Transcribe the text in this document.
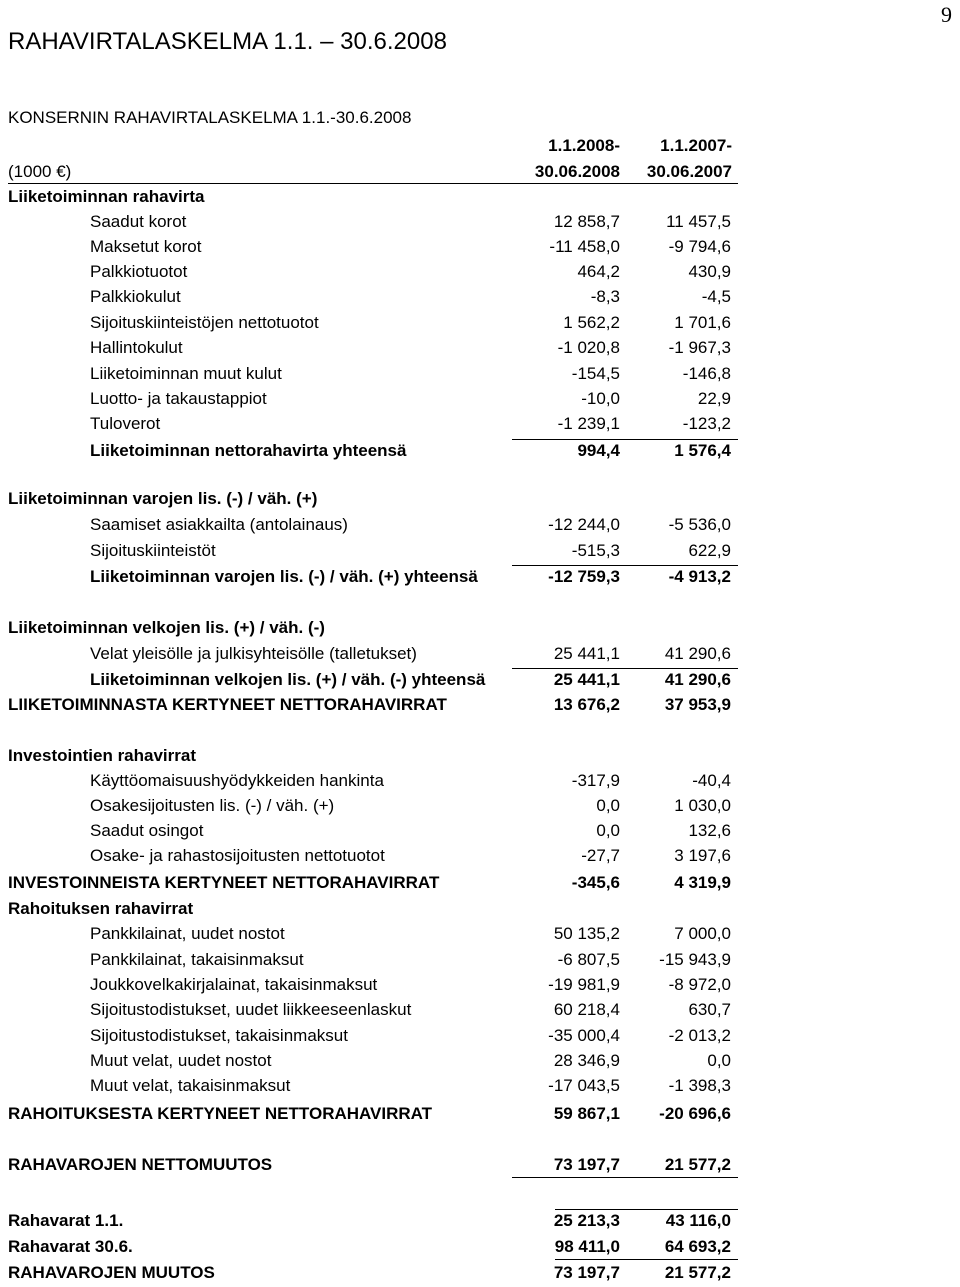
9
RAHAVIRTALASKELMA 1.1. – 30.6.2008
KONSERNIN RAHAVIRTALASKELMA 1.1.-30.6.2008
1.1.2008- 1.1.2007-
(1000 €)	30.06.2008 30.06.2007
Liiketoiminnan rahavirta
Saadut korot	12 858,7	11 457,5
Maksetut korot	-11 458,0	-9 794,6
Palkkiotuotot	464,2	430,9
Palkkiokulut	-8,3	-4,5
Sijoituskiinteistöjen nettotuotot	1 562,2	1 701,6
Hallintokulut	-1 020,8	-1 967,3
Liiketoiminnan muut kulut	-154,5	-146,8
Luotto- ja takaustappiot	-10,0	22,9
Tuloverot	-1 239,1	-123,2
Liiketoiminnan nettorahavirta yhteensä	994,4	1 576,4
Liiketoiminnan varojen lis. (-) / väh. (+)
Saamiset asiakkailta (antolainaus)	-12 244,0	-5 536,0
Sijoituskiinteistöt	-515,3	622,9
Liiketoiminnan varojen lis. (-) / väh. (+) yhteensä	-12 759,3	-4 913,2
Liiketoiminnan velkojen lis. (+) / väh. (-)
Velat yleisölle ja julkisyhteisölle (talletukset)	25 441,1	41 290,6
Liiketoiminnan velkojen lis. (+) / väh. (-) yhteensä	25 441,1	41 290,6
LIIKETOIMINNASTA KERTYNEET NETTORAHAVIRRAT	13 676,2	37 953,9
Investointien rahavirrat
Käyttöomaisuushyödykkeiden hankinta	-317,9	-40,4
Osakesijoitusten lis. (-) / väh. (+)	0,0	1 030,0
Saadut osingot	0,0	132,6
Osake- ja rahastosijoitusten nettotuotot	-27,7	3 197,6
INVESTOINNEISTA KERTYNEET NETTORAHAVIRRAT	-345,6	4 319,9
Rahoituksen rahavirrat
Pankkilainat, uudet nostot	50 135,2	7 000,0
Pankkilainat, takaisinmaksut	-6 807,5 -15 943,9
Joukkovelkakirjalainat, takaisinmaksut	-19 981,9	-8 972,0
Sijoitustodistukset, uudet liikkeeseenlaskut	60 218,4	630,7
Sijoitustodistukset, takaisinmaksut	-35 000,4	-2 013,2
Muut velat, uudet nostot	28 346,9	0,0
Muut velat, takaisinmaksut	-17 043,5	-1 398,3
RAHOITUKSESTA KERTYNEET NETTORAHAVIRRAT	59 867,1 -20 696,6
RAHAVAROJEN NETTOMUUTOS	73 197,7	21 577,2
Rahavarat 1.1.	25 213,3	43 116,0
Rahavarat 30.6.	98 411,0	64 693,2
RAHAVAROJEN MUUTOS	73 197,7	21 577,2
